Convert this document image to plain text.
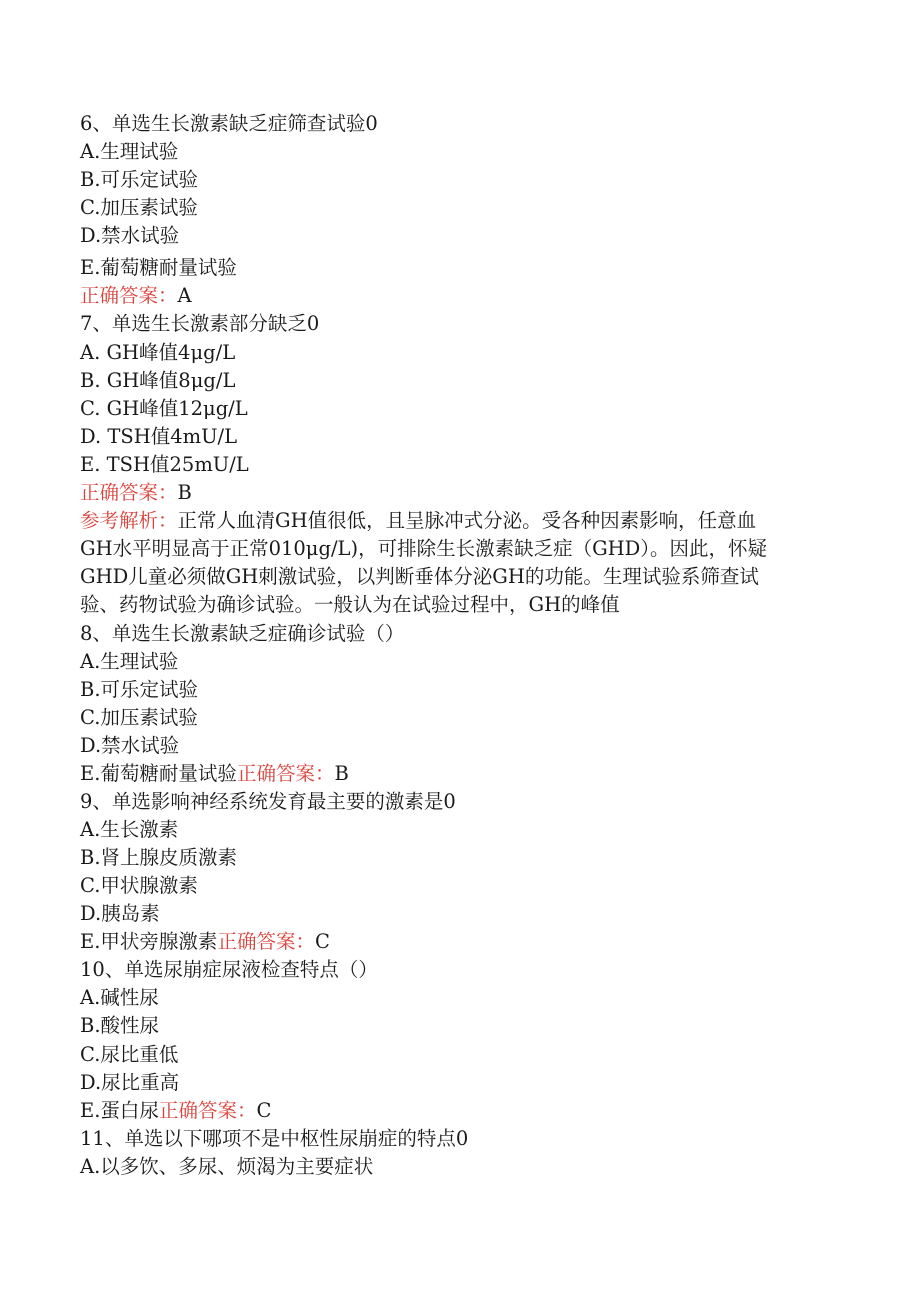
6、单选生长激素缺乏症筛查试验0
A.生理试验
B.可乐定试验
C.加压素试验
D.禁水试验
E.葡萄糖耐量试验
正确答案：A
7、单选生长激素部分缺乏0
A. GH峰值4μg/L
B. GH峰值8μg/L
C. GH峰值12μg/L
D. TSH值4mU/L
E. TSH值25mU/L
正确答案：B
参考解析：正常人血清GH值很低，且呈脉冲式分泌。受各种因素影响，任意血
GH水平明显高于正常010μg/L)，可排除生长激素缺乏症（GHD）。因此，怀疑
GHD儿童必须做GH刺激试验，以判断垂体分泌GH的功能。生理试验系筛查试
验、药物试验为确诊试验。一般认为在试验过程中，GH的峰值
8、单选生长激素缺乏症确诊试验（）
A.生理试验
B.可乐定试验
C.加压素试验
D.禁水试验
E.葡萄糖耐量试验正确答案：B
9、单选影响神经系统发育最主要的激素是0
A.生长激素
B.肾上腺皮质激素
C.甲状腺激素
D.胰岛素
E.甲状旁腺激素正确答案：C
10、单选尿崩症尿液检查特点（）
A.碱性尿
B.酸性尿
C.尿比重低
D.尿比重高
E.蛋白尿正确答案：C
11、单选以下哪项不是中枢性尿崩症的特点0
A.以多饮、多尿、烦渴为主要症状
